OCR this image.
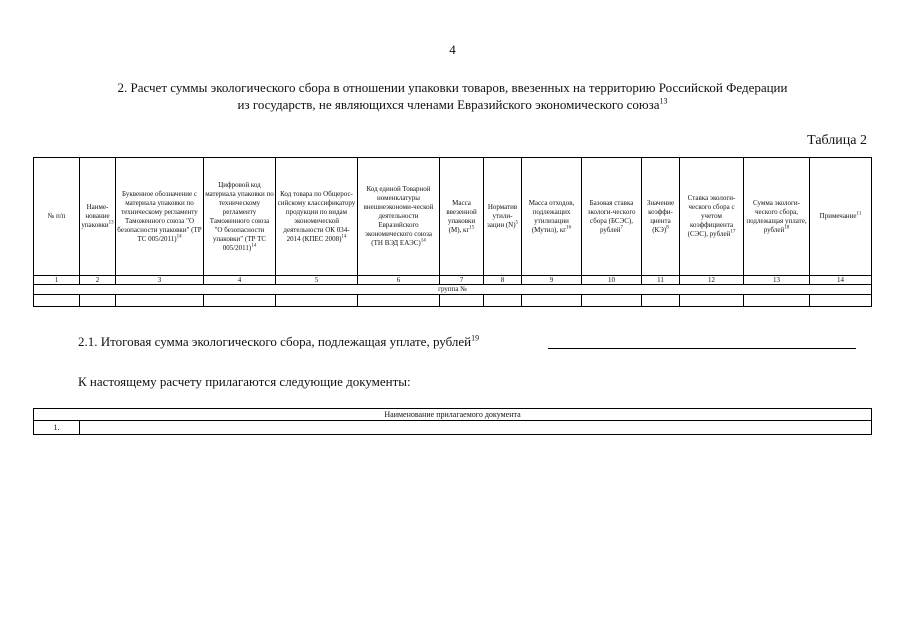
4
2. Расчет суммы экологического сбора в отношении упаковки товаров, ввезенных на территорию Российской Федерации
из государств, не являющихся членами Евразийского экономического союза$^{13}$
Таблица 2
№ п/п	Наиме-нование упаковки$^{13}$	Буквенное обозначение с материала упаковки по техническому регламенту Таможенного союза "О безопасности упаковки" (ТР ТС 005/2011)$^{14}$	Цифровой код материала упаковки по техническому регламенту Таможенного союза "О безопасности упаковки" (ТР ТС 005/2011)$^{14}$	Код товара по Общерос-сийскому классификатору продукции по видам экономической деятельности ОК 034-2014 (КПЕС 2008)$^{14}$	Код единой Товарной номенклатуры внешнеэкономи-ческой деятельности Евразийского экономического союза (ТН ВЭД ЕАЭС)$^{14}$	Масса ввезенной упаковки (М), $кг^{15}$	Норматив утили-зации $(N)^5$	Масса отходов, подлежащих утилизации (Мутил), $кг^{16}$	Базовая ставка экологи-ческого сбора (БСЭС), рублей$^7$	Значение коэффи-циента (КЭ)$^8$	Ставка экологи-ческого сбора с учетом коэффициента (СЭС), рублей$^{17}$	Сумма экологи-ческого сбора, подлежащая уплате, рублей$^{18}$	Примечание$^{11}$
1	2	3	4	5	6	7	8	9	10	11	12	13	14
группа №													

2.1. Итоговая сумма экологического сбора, подлежащая уплате, рублей$^{19}$
К настоящему расчету прилагаются следующие документы:
Наименование прилагаемого документа
1.	
